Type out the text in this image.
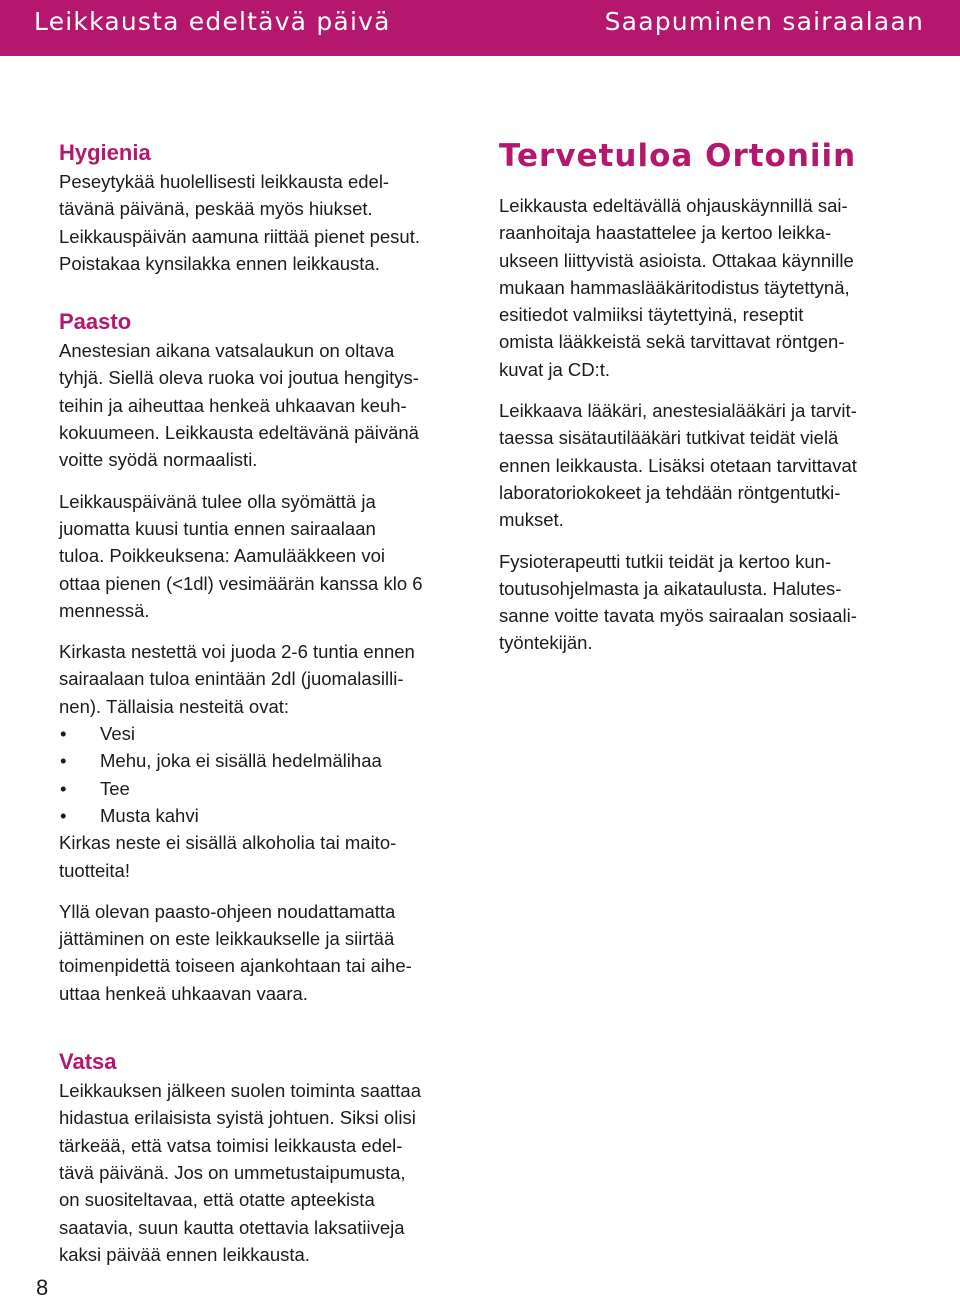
Leikkausta edeltävä päivä	Saapuminen sairaalaan
Hygienia

Peseytykää huolellisesti leikkausta edel-
tävänä päivänä, peskää myös hiukset.
Leikkauspäivän aamuna riittää pienet pesut.
Poistakaa kynsilakka ennen leikkausta.

Paasto

Anestesian aikana vatsalaukun on oltava
tyhjä. Siellä oleva ruoka voi joutua hengitys-
teihin ja aiheuttaa henkeä uhkaavan keuh-
kokuumeen. Leikkausta edeltävänä päivänä
voitte syödä normaalisti.

Leikkauspäivänä tulee olla syömättä ja
juomatta kuusi tuntia ennen sairaalaan
tuloa. Poikkeuksena: Aamulääkkeen voi
ottaa pienen (<1dl) vesimäärän kanssa klo 6
mennessä.

Kirkasta nestettä voi juoda 2-6 tuntia ennen
sairaalaan tuloa enintään 2dl (juomalasilli-
nen). Tällaisia nesteitä ovat:

• Vesi
• Mehu, joka ei sisällä hedelmälihaa
• Tee
• Musta kahvi

Kirkas neste ei sisällä alkoholia tai maito-
tuotteita!

Yllä olevan paasto-ohjeen noudattamatta
jättäminen on este leikkaukselle ja siirtää
toimenpidettä toiseen ajankohtaan tai aihe-
uttaa henkeä uhkaavan vaara.

Vatsa

Leikkauksen jälkeen suolen toiminta saattaa
hidastua erilaisista syistä johtuen. Siksi olisi
tärkeää, että vatsa toimisi leikkausta edel-
tävä päivänä. Jos on ummetustaipumusta,
on suositeltavaa, että otatte apteekista
saatavia, suun kautta otettavia laksatiiveja
kaksi päivää ennen leikkausta.

Tervetuloa Ortoniin

Leikkausta edeltävällä ohjauskäynnillä sai-
raanhoitaja haastattelee ja kertoo leikka-
ukseen liittyvistä asioista. Ottakaa käynnille
mukaan hammaslääkäritodistus täytettynä,
esitiedot valmiiksi täytettyinä, reseptit
omista lääkkeistä sekä tarvittavat röntgen-
kuvat ja CD:t.

Leikkaava lääkäri, anestesialääkäri ja tarvit-
taessa sisätautilääkäri tutkivat teidät vielä
ennen leikkausta. Lisäksi otetaan tarvittavat
laboratoriokokeet ja tehdään röntgentutki-
mukset.

Fysioterapeutti tutkii teidät ja kertoo kun-
toutusohjelmasta ja aikataulusta. Halutes-
sanne voitte tavata myös sairaalan sosiaali-
työntekijän.

8
